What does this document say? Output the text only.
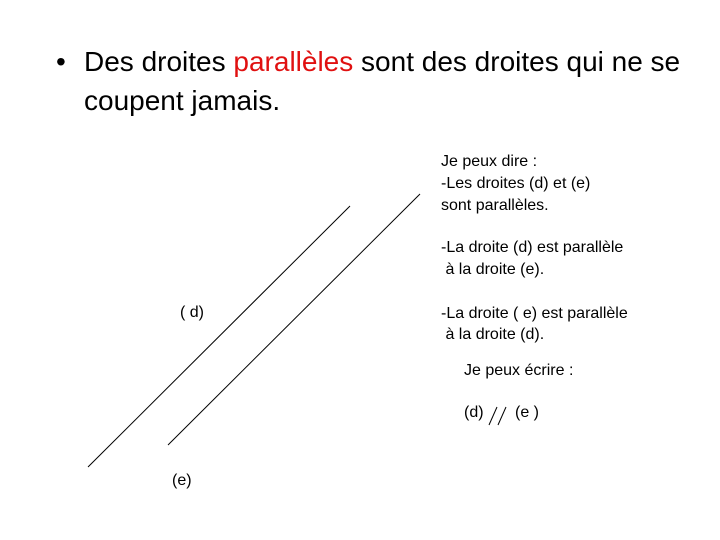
• Des droites parallèles sont des droites qui ne se coupent jamais.
( d)
(e)
Je peux dire :
-Les droites (d) et (e)
sont parallèles.
-La droite (d) est parallèle
à la droite (e).
-La droite ( e) est parallèle
à la droite (d).
Je peux écrire :
(d) (e )
